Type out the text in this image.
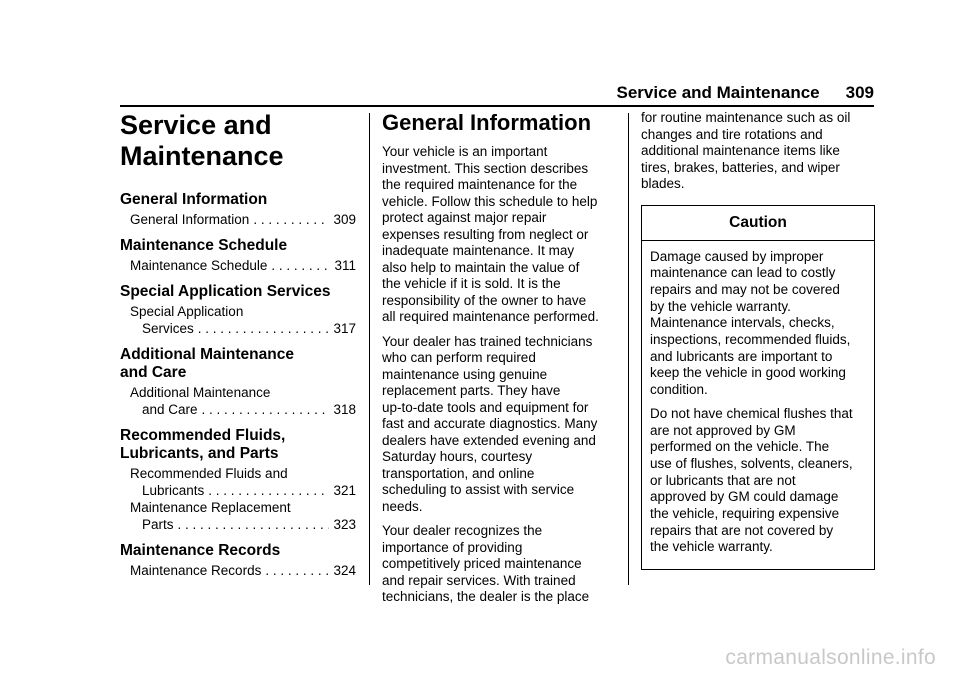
Service and Maintenance 309
Service and
Maintenance
General Information
General Information . . .	309
Maintenance Schedule
Maintenance Schedule . . .	311
Special Application Services
Special Application
Services . . .	317
Additional Maintenance
and Care
Additional Maintenance
and Care . . .	318
Recommended Fluids,
Lubricants, and Parts
Recommended Fluids and
Lubricants . . .	321
Maintenance Replacement
Parts . . .	323
Maintenance Records
Maintenance Records . . .	324
General Information

Your vehicle is an important
investment. This section describes
the required maintenance for the
vehicle. Follow this schedule to help
protect against major repair
expenses resulting from neglect or
inadequate maintenance. It may
also help to maintain the value of
the vehicle if it is sold. It is the
responsibility of the owner to have
all required maintenance performed.

Your dealer has trained technicians
who can perform required
maintenance using genuine
replacement parts. They have
up-to-date tools and equipment for
fast and accurate diagnostics. Many
dealers have extended evening and
Saturday hours, courtesy
transportation, and online
scheduling to assist with service
needs.

Your dealer recognizes the
importance of providing
competitively priced maintenance
and repair services. With trained
technicians, the dealer is the place

for routine maintenance such as oil
changes and tire rotations and
additional maintenance items like
tires, brakes, batteries, and wiper
blades.

Caution

Damage caused by improper
maintenance can lead to costly
repairs and may not be covered
by the vehicle warranty.
Maintenance intervals, checks,
inspections, recommended fluids,
and lubricants are important to
keep the vehicle in good working
condition.

Do not have chemical flushes that
are not approved by GM
performed on the vehicle. The
use of flushes, solvents, cleaners,
or lubricants that are not
approved by GM could damage
the vehicle, requiring expensive
repairs that are not covered by
the vehicle warranty.

carmanualsonline.info
